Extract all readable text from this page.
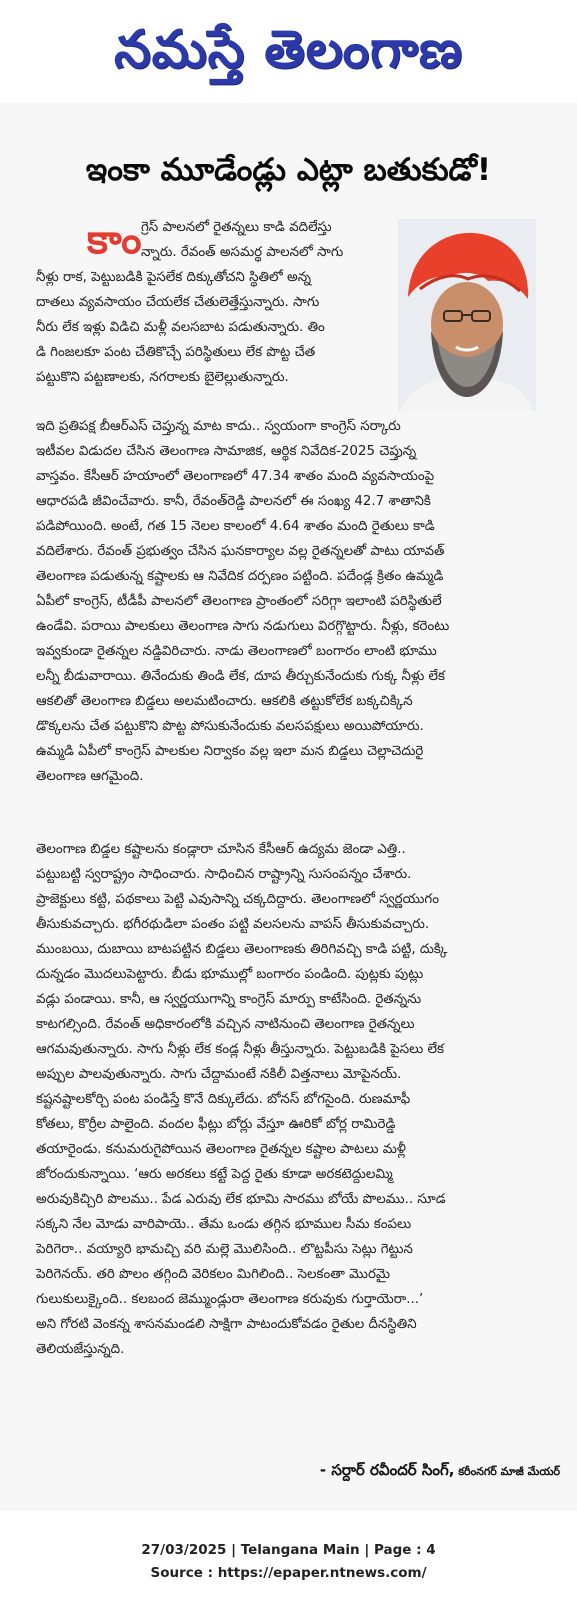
నమస్తే తెలంగాణ
ఇంకా మూడేండ్లు ఎట్లా బతుకుడో!
కాం గ్రెస్ పాలనలో రైతన్నలు కాడి వదిలేస్తు
న్నారు. రేవంత్ అసమర్థ పాలనలో సాగు
నీళ్లు రాక, పెట్టుబడికి పైసలేక దిక్కుతోచని స్థితిలో అన్న
దాతలు వ్యవసాయం చేయలేక చేతులెత్తేస్తున్నారు. సాగు
నీరు లేక ఇళ్లు విడిచి మళ్లీ వలసబాట పడుతున్నారు. తిం
డి గింజలకూ పంట చేతికొచ్చే పరిస్థితులు లేక పొట్ట చేత
పట్టుకొని పట్టణాలకు, నగరాలకు బైలెల్లుతున్నారు.
ఇది ప్రతిపక్ష బీఆర్ఎస్ చెప్తున్న మాట కాదు.. స్వయంగా కాంగ్రెస్ సర్కారు
ఇటీవల విడుదల చేసిన తెలంగాణ సామాజిక, ఆర్థిక నివేదిక-2025 చెప్తున్న
వాస్తవం. కేసీఆర్ హయాంలో తెలంగాణలో 47.34 శాతం మంది వ్యవసాయంపై
ఆధారపడి జీవించేవారు. కానీ, రేవంత్‌రెడ్డి పాలనలో ఈ సంఖ్య 42.7 శాతానికి
పడిపోయింది. అంటే, గత 15 నెలల కాలంలో 4.64 శాతం మంది రైతులు కాడి
వదిలేశారు. రేవంత్ ప్రభుత్వం చేసిన ఘనకార్యాల వల్ల రైతన్నలతో పాటు యావత్
తెలంగాణ పడుతున్న కష్టాలకు ఆ నివేదిక దర్పణం పట్టింది. పదేండ్ల క్రితం ఉమ్మడి
ఏపీలో కాంగ్రెస్, టీడీపీ పాలనలో తెలంగాణ ప్రాంతంలో సరిగ్గా ఇలాంటి పరిస్థితులే
ఉండేవి. పరాయి పాలకులు తెలంగాణ సాగు నడుగులు విరగ్గొట్టారు. నీళ్లు, కరెంటు
ఇవ్వకుండా రైతన్నల నడ్డివిరిచారు. నాడు తెలంగాణలో బంగారం లాంటి భూము
లన్నీ బీడువారాయి. తినేందుకు తిండి లేక, దూప తీర్చుకునేందుకు గుక్క నీళ్లు లేక
ఆకలితో తెలంగాణ బిడ్డలు అలమటించారు. ఆకలికి తట్టుకోలేక బక్కచిక్కిన
డొక్కలను చేత పట్టుకొని పొట్ట పోసుకునేందుకు వలసపక్షులు అయిపోయారు.
ఉమ్మడి ఏపీలో కాంగ్రెస్ పాలకుల నిర్వాకం వల్ల ఇలా మన బిడ్డలు చెల్లాచెదురై
తెలంగాణ ఆగమైంది.
తెలంగాణ బిడ్డల కష్టాలను కండ్లారా చూసిన కేసీఆర్ ఉద్యమ జెండా ఎత్తి..
పట్టుబట్టి స్వరాష్ట్రం సాధించారు. సాధించిన రాష్ట్రాన్ని సుసంపన్నం చేశారు.
ప్రాజెక్టులు కట్టి, పథకాలు పెట్టి ఎవుసాన్ని చక్కదిద్దారు. తెలంగాణలో స్వర్ణయుగం
తీసుకువచ్చారు. భగీరథుడిలా పంతం పట్టి వలసలను వాపస్ తీసుకువచ్చారు.
ముంబయి, దుబాయి బాటపట్టిన బిడ్డలు తెలంగాణకు తిరిగివచ్చి కాడి పట్టి, దుక్కి
దున్నడం మొదలుపెట్టారు. బీడు భూముల్లో బంగారం పండింది. పుట్లకు పుట్లు
వడ్లు పండాయి. కానీ, ఆ స్వర్ణయుగాన్ని కాంగ్రెస్ మార్పు కాటేసింది. రైతన్నను
కాటగల్సింది. రేవంత్ అధికారంలోకి వచ్చిన నాటినుంచి తెలంగాణ రైతన్నలు
ఆగమవుతున్నారు. సాగు నీళ్లు లేక కండ్ల నీళ్లు తీస్తున్నారు. పెట్టుబడికి పైసలు లేక
అప్పుల పాలవుతున్నారు. సాగు చేద్దామంటే నకిలీ విత్తనాలు మోపైనయ్.
కష్టనష్టాలకోర్చి పంట పండిస్తే కొనే దిక్కులేదు. బోనస్ బోగసైంది. రుణమాఫీ
కోతలు, కొర్రీల పాలైంది. వందల ఫీట్లు బోర్లు వేస్తూ ఊరికో బోర్ల రామిరెడ్డి
తయారైండు. కనుమరుగైపోయిన తెలంగాణ రైతన్నల కష్టాల పాటలు మళ్లీ
జోరందుకున్నాయి. ‘ఆరు అరకలు కట్టే పెద్ద రైతు కూడా అరకటెద్దులమ్మి
అరువుకిచ్చిరి పొలము.. పేడ ఎరువు లేక భూమి సారము బోయే పొలము.. సూడ
సక్కని నేల మోడు వారిపాయె.. తేమ ఒండు తగ్గిన భూముల సీమ కంపలు
పెరిగెరా.. వయ్యారి భామచ్చి వరి మల్లె మొలిసింది.. లొట్టపీసు సెట్లు గెట్టున
పెరిగెనయ్. తరి పొలం తగ్గింది వెరికలం మిగిలింది.. సెలకంతా మొరమై
గులుకులుక్కైంది.. కలబంద జెమ్ముండ్లురా తెలంగాణ కరువుకు గుర్తాయెరా...’
అని గోరటి వెంకన్న శాసనమండలి సాక్షిగా పాటందుకోవడం రైతుల దీనస్థితిని
తెలియజేస్తున్నది.
- సర్దార్ రవీందర్ సింగ్, కరీంనగర్ మాజీ మేయర్
27/03/2025 | Telangana Main | Page : 4
Source : https://epaper.ntnews.com/
